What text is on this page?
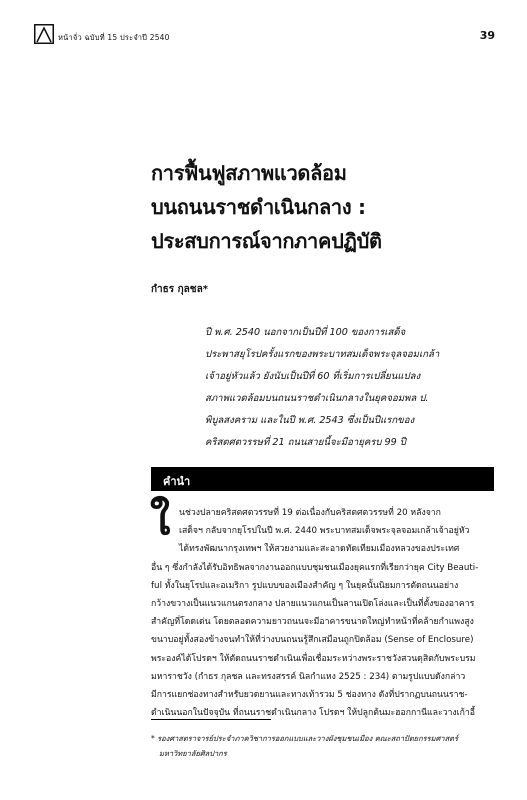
หน้าจั่ว ฉบับที่ 15 ประจำปี 2540	39
การฟื้นฟูสภาพแวดล้อม
บนถนนราชดำเนินกลาง :
ประสบการณ์จากภาคปฏิบัติ
กำธร กุลชล*
ปี พ.ศ. 2540 นอกจากเป็นปีที่ 100 ของการเสด็จ
ประพาสยุโรปครั้งแรกของพระบาทสมเด็จพระจุลจอมเกล้า
เจ้าอยู่หัวแล้ว ยังนับเป็นปีที่ 60 ที่เริ่มการเปลี่ยนแปลง
สภาพแวดล้อมบนถนนราชดำเนินกลางในยุคจอมพล ป.
พิบูลสงคราม และในปี พ.ศ. 2543 ซึ่งเป็นปีแรกของ
คริสตศตวรรษที่ 21 ถนนสายนี้จะมีอายุครบ 99 ปี
คำนำ
ใ นช่วงปลายคริสตศตวรรษที่ 19 ต่อเนื่องกับคริสตศตวรรษที่ 20 หลังจาก
เสด็จฯ กลับจากยุโรปในปี พ.ศ. 2440 พระบาทสมเด็จพระจุลจอมเกล้าเจ้าอยู่หัว
ได้ทรงพัฒนากรุงเทพฯ ให้สวยงามและสะอาดทัดเทียมเมืองหลวงของประเทศ
อื่น ๆ ซึ่งกำลังได้รับอิทธิพลจากงานออกแบบชุมชนเมืองยุคแรกที่เรียกว่ายุค City Beauti-
ful ทั้งในยุโรปและอเมริกา รูปแบบของเมืองสำคัญ ๆ ในยุคนั้นนิยมการตัดถนนอย่าง
กว้างขวางเป็นแนวแกนตรงกลาง ปลายแนวแกนเป็นลานเปิดโล่งและเป็นที่ตั้งของอาคาร
สำคัญที่โดดเด่น โดยตลอดความยาวถนนจะมีอาคารขนาดใหญ่ทำหน้าที่คล้ายกำแพงสูง
ขนาบอยู่ทั้งสองข้างจนทำให้ที่ว่างบนถนนรู้สึกเสมือนถูกปิดล้อม (Sense of Enclosure)
พระองค์ได้โปรดฯ ให้ตัดถนนราชดำเนินเพื่อเชื่อมระหว่างพระราชวังสวนดุสิตกับพระบรม
มหาราชวัง (กำธร กุลชล และทรงสรรค์ นิลกำแหง 2525 : 234) ตามรูปแบบดังกล่าว
มีการแยกช่องทางสำหรับยวดยานและทางเท้ารวม 5 ช่องทาง ดังที่ปรากฏบนถนนราช-
ดำเนินนอกในปัจจุบัน ที่ถนนราชดำเนินกลาง โปรดฯ ให้ปลูกต้นมะฮอกกานีและวางเก้าอี้
* รองศาสตราจารย์ประจำภาควิชาการออกแบบและวางผังชุมชนเมือง คณะสถาปัตยกรรมศาสตร์
มหาวิทยาลัยศิลปากร
